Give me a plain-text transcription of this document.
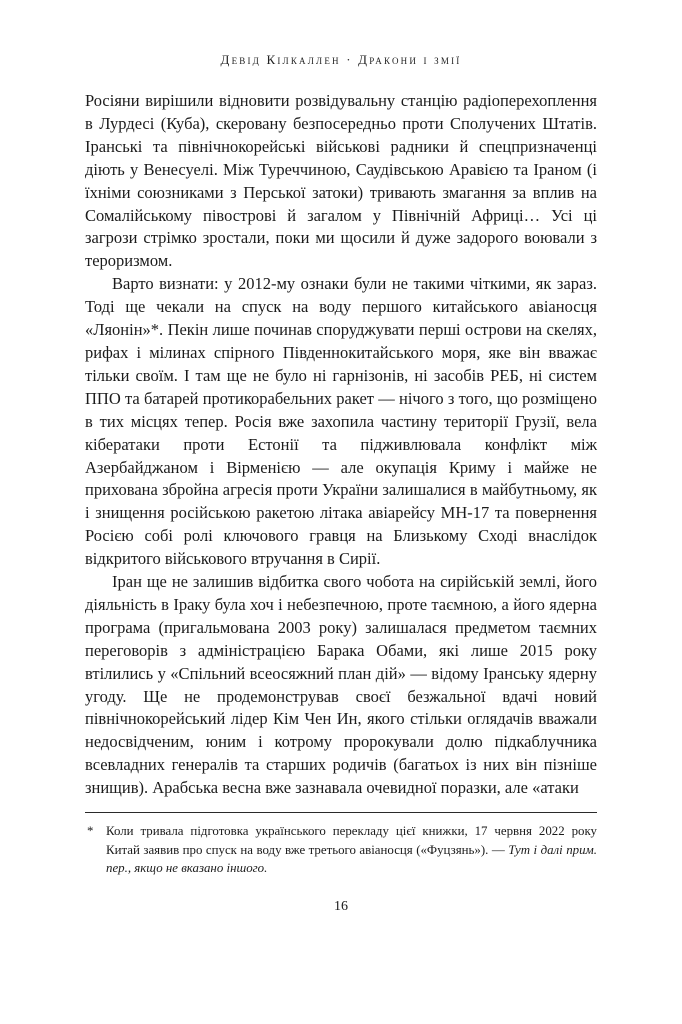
Девід Кілкаллен · Дракони і змії

Росіяни вирішили відновити розвідувальну станцію радіоперехоплення в Лурдесі (Куба), скеровану безпосередньо проти Сполучених Штатів. Іранські та північнокорейські військові радники й спецпризначенці діють у Венесуелі. Між Туреччиною, Саудівською Аравією та Іраном (і їхніми союзниками з Перської затоки) тривають змагання за вплив на Сомалійському півострові й загалом у Північній Африці… Усі ці загрози стрімко зростали, поки ми щосили й дуже задорого воювали з тероризмом.

Варто визнати: у 2012-му ознаки були не такими чіткими, як зараз. Тоді ще чекали на спуск на воду першого китайського авіаносця «Ляонін»*. Пекін лише починав споруджувати перші острови на скелях, рифах і мілинах спірного Південнокитайського моря, яке він вважає тільки своїм. І там ще не було ні гарнізонів, ні засобів РЕБ, ні систем ППО та батарей протикорабельних ракет — нічого з того, що розміщено в тих місцях тепер. Росія вже захопила частину території Грузії, вела кібератаки проти Естонії та підживлювала конфлікт між Азербайджаном і Вірменією — але окупація Криму і майже не прихована збройна агресія проти України залишалися в майбутньому, як і знищення російською ракетою літака авіарейсу MH-17 та повернення Росією собі ролі ключового гравця на Близькому Сході внаслідок відкритого військового втручання в Сирії.

Іран ще не залишив відбитка свого чобота на сирійській землі, його діяльність в Іраку була хоч і небезпечною, проте таємною, а його ядерна програма (пригальмована 2003 року) залишалася предметом таємних переговорів з адміністрацією Барака Обами, які лише 2015 року втілились у «Спільний всеосяжний план дій» — відому Іранську ядерну угоду. Ще не продемонстрував своєї безжальної вдачі новий північнокорейський лідер Кім Чен Ин, якого стільки оглядачів вважали недосвідченим, юним і котрому пророкували долю підкаблучника всевладних генералів та старших родичів (багатьох із них він пізніше знищив). Арабська весна вже зазнавала очевидної поразки, але «атаки

* Коли тривала підготовка українського перекладу цієї книжки, 17 червня 2022 року Китай заявив про спуск на воду вже третього авіаносця («Фуцзянь»). — Тут і далі прим. пер., якщо не вказано іншого.
16
